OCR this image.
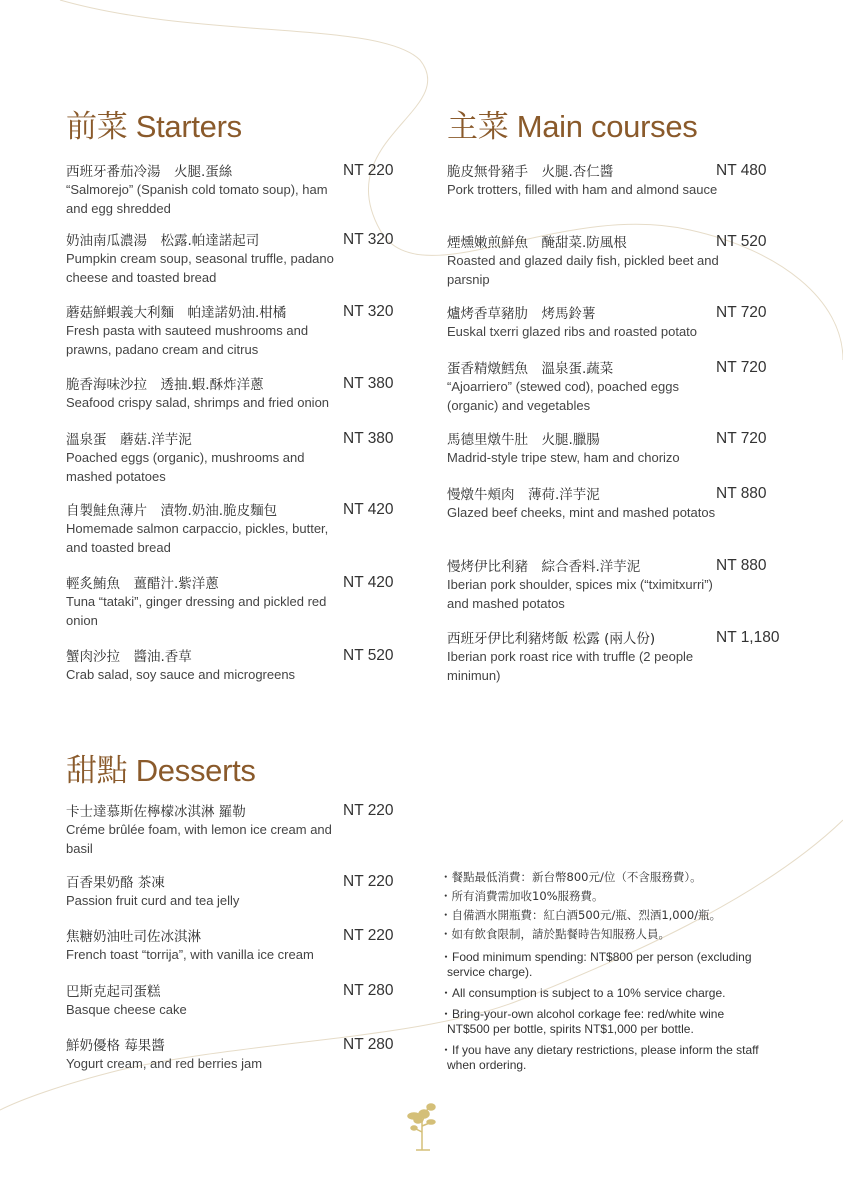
前菜 Starters	主菜 Main courses
甜點 Desserts
西班牙番茄冷湯　火腿.蛋絲
“Salmorejo” (Spanish cold tomato soup), ham and egg shredded
NT 220
奶油南瓜濃湯　松露.帕達諾起司
Pumpkin cream soup, seasonal truffle, padano cheese and toasted bread
NT 320
蘑菇鮮蝦義大利麵　帕達諾奶油.柑橘
Fresh pasta with sauteed mushrooms and prawns, padano cream and citrus
NT 320
脆香海味沙拉　透抽.蝦.酥炸洋蔥
Seafood crispy salad, shrimps and fried onion
NT 380
溫泉蛋　蘑菇.洋芋泥
Poached eggs (organic), mushrooms and mashed potatoes
NT 380
自製鮭魚薄片　漬物.奶油.脆皮麵包
Homemade salmon carpaccio, pickles, butter, and toasted bread
NT 420
輕炙鮪魚　薑醋汁.紫洋蔥
Tuna “tataki”, ginger dressing and pickled red onion
NT 420
蟹肉沙拉　醬油.香草
Crab salad, soy sauce and microgreens
NT 520
脆皮無骨豬手　火腿.杏仁醬
Pork trotters, filled with ham and almond sauce
NT 480
煙燻嫩煎鮮魚　醃甜菜.防風根
Roasted and glazed daily fish, pickled beet and parsnip
NT 520
爐烤香草豬肋　烤馬鈴薯
Euskal txerri glazed ribs and roasted potato
NT 720
蛋香精燉鱈魚　溫泉蛋.蔬菜
“Ajoarriero” (stewed cod), poached eggs (organic) and vegetables
NT 720
馬德里燉牛肚　火腿.臘腸
Madrid-style tripe stew, ham and chorizo
NT 720
慢燉牛頰肉　薄荷.洋芋泥
Glazed beef cheeks, mint and mashed potatos
NT 880
慢烤伊比利豬　綜合香料.洋芋泥
Iberian pork shoulder, spices mix (“tximitxurri”) and mashed potatos
NT 880
西班牙伊比利豬烤飯 松露 (兩人份)
Iberian pork roast rice with truffle (2 people minimun)
NT 1,180
卡士達慕斯佐檸檬冰淇淋 羅勒
Créme brûlée foam, with lemon ice cream and basil
NT 220
百香果奶酪 茶凍
Passion fruit curd and tea jelly
NT 220
焦糖奶油吐司佐冰淇淋
French toast “torrija”, with vanilla ice cream
NT 220
巴斯克起司蛋糕
Basque cheese cake
NT 280
鮮奶優格 莓果醬
Yogurt cream, and red berries jam
NT 280
・餐點最低消費：新台幣800元/位（不含服務費）。
・所有消費需加收10%服務費。
・自備酒水開瓶費：紅白酒500元/瓶、烈酒1,000/瓶。
・如有飲食限制，請於點餐時告知服務人員。
・Food minimum spending: NT$800 per person (excluding service charge).
・All consumption is subject to a 10% service charge.
・Bring-your-own alcohol corkage fee: red/white wine NT$500 per bottle, spirits NT$1,000 per bottle.
・If you have any dietary restrictions, please inform the staff when ordering.
